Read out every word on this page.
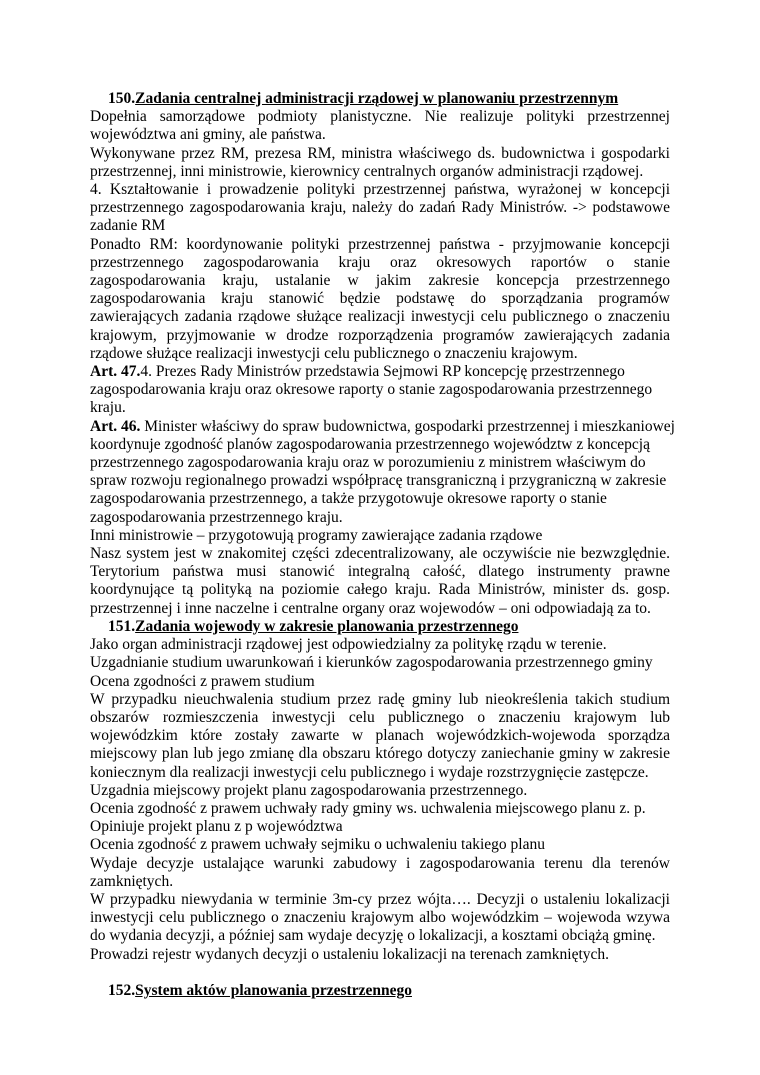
150.Zadania centralnej administracji rządowej w planowaniu przestrzennym

Dopełnia samorządowe podmioty planistyczne. Nie realizuje polityki przestrzennej województwa ani gminy, ale państwa.

Wykonywane przez RM, prezesa RM, ministra właściwego ds. budownictwa i gospodarki przestrzennej, inni ministrowie, kierownicy centralnych organów administracji rządowej.

4. Kształtowanie i prowadzenie polityki przestrzennej państwa, wyrażonej w koncepcji przestrzennego zagospodarowania kraju, należy do zadań Rady Ministrów. -> podstawowe zadanie RM

Ponadto RM: koordynowanie polityki przestrzennej państwa - przyjmowanie koncepcji przestrzennego zagospodarowania kraju oraz okresowych raportów o stanie zagospodarowania kraju, ustalanie w jakim zakresie koncepcja przestrzennego zagospodarowania kraju stanowić będzie podstawę do sporządzania programów zawierających zadania rządowe służące realizacji inwestycji celu publicznego o znaczeniu krajowym, przyjmowanie w drodze rozporządzenia programów zawierających zadania rządowe służące realizacji inwestycji celu publicznego o znaczeniu krajowym.

Art. 47.4. Prezes Rady Ministrów przedstawia Sejmowi RP koncepcję przestrzennego

zagospodarowania kraju oraz okresowe raporty o stanie zagospodarowania przestrzennego

kraju.

Art. 46. Minister właściwy do spraw budownictwa, gospodarki przestrzennej i mieszkaniowej

koordynuje zgodność planów zagospodarowania przestrzennego województw z koncepcją

przestrzennego zagospodarowania kraju oraz w porozumieniu z ministrem właściwym do

spraw rozwoju regionalnego prowadzi współpracę transgraniczną i przygraniczną w zakresie

zagospodarowania przestrzennego, a także przygotowuje okresowe raporty o stanie

zagospodarowania przestrzennego kraju.

Inni ministrowie – przygotowują programy zawierające zadania rządowe

Nasz system jest w znakomitej części zdecentralizowany, ale oczywiście nie bezwzględnie. Terytorium państwa musi stanowić integralną całość, dlatego instrumenty prawne koordynujące tą polityką na poziomie całego kraju. Rada Ministrów, minister ds. gosp. przestrzennej i inne naczelne i centralne organy oraz wojewodów – oni odpowiadają za to.

151.Zadania wojewody w zakresie planowania przestrzennego

Jako organ administracji rządowej jest odpowiedzialny za politykę rządu w terenie.

Uzgadnianie studium uwarunkowań i kierunków zagospodarowania przestrzennego gminy

Ocena zgodności z prawem studium

W przypadku nieuchwalenia studium przez radę gminy lub nieokreślenia takich studium obszarów rozmieszczenia inwestycji celu publicznego o znaczeniu krajowym lub wojewódzkim które zostały zawarte w planach wojewódzkich-wojewoda sporządza miejscowy plan lub jego zmianę dla obszaru którego dotyczy zaniechanie gminy w zakresie koniecznym dla realizacji inwestycji celu publicznego i wydaje rozstrzygnięcie zastępcze.

Uzgadnia miejscowy projekt planu zagospodarowania przestrzennego.

Ocenia zgodność z prawem uchwały rady gminy ws. uchwalenia miejscowego planu z. p.

Opiniuje projekt planu z p województwa

Ocenia zgodność z prawem uchwały sejmiku o uchwaleniu takiego planu

Wydaje decyzje ustalające warunki zabudowy i zagospodarowania terenu dla terenów zamkniętych.

W przypadku niewydania w terminie 3m-cy przez wójta…. Decyzji o ustaleniu lokalizacji inwestycji celu publicznego o znaczeniu krajowym albo wojewódzkim – wojewoda wzywa do wydania decyzji, a później sam wydaje decyzję o lokalizacji, a kosztami obciążą gminę.

Prowadzi rejestr wydanych decyzji o ustaleniu lokalizacji na terenach zamkniętych.

152.System aktów planowania przestrzennego
